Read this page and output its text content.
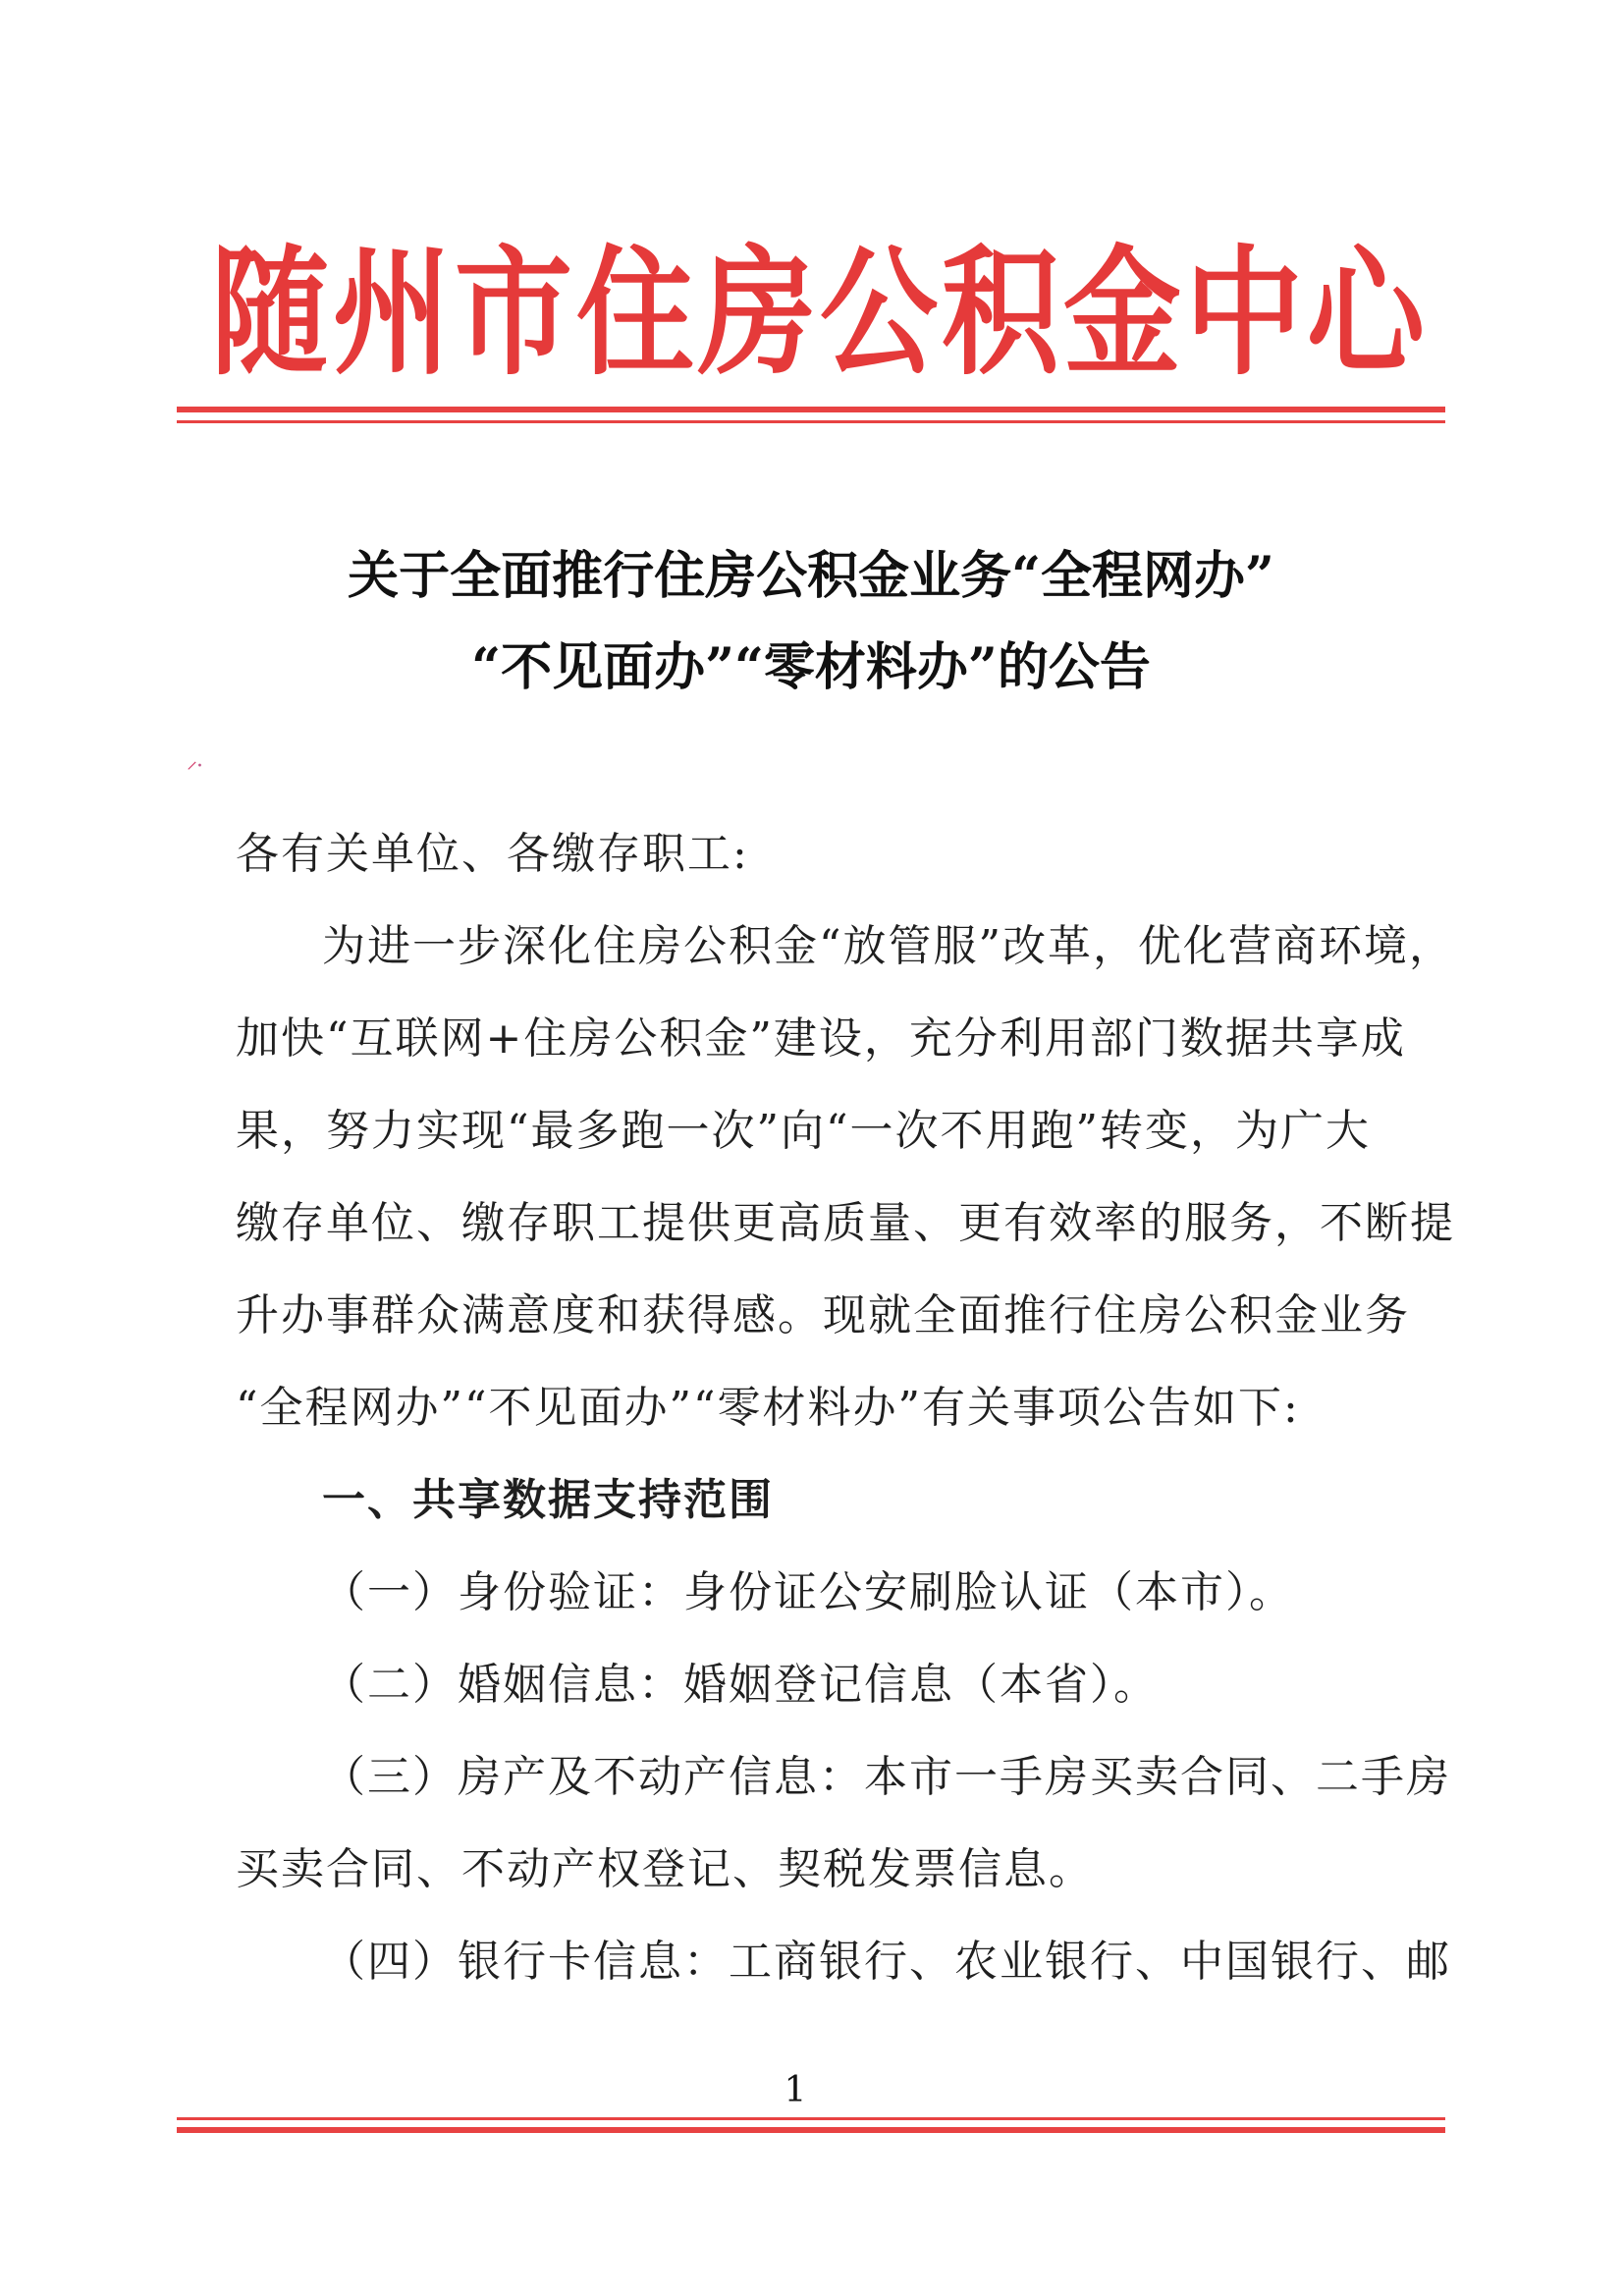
随州市住房公积金中心
关于全面推行住房公积金业务“全程网办”
“不见面办”“零材料办”的公告
各有关单位、各缴存职工:
为进一步深化住房公积金“放管服”改革，优化营商环境，
加快“互联网+住房公积金”建设，充分利用部门数据共享成
果，努力实现“最多跑一次”向“一次不用跑”转变，为广大
缴存单位、缴存职工提供更高质量、更有效率的服务，不断提
升办事群众满意度和获得感。现就全面推行住房公积金业务
“全程网办”“不见面办”“零材料办”有关事项公告如下:
一、共享数据支持范围
（一）身份验证：身份证公安刷脸认证（本市）。
（二）婚姻信息：婚姻登记信息（本省）。
（三）房产及不动产信息：本市一手房买卖合同、二手房
买卖合同、不动产权登记、契税发票信息。
（四）银行卡信息：工商银行、农业银行、中国银行、邮
1
⸝
·
